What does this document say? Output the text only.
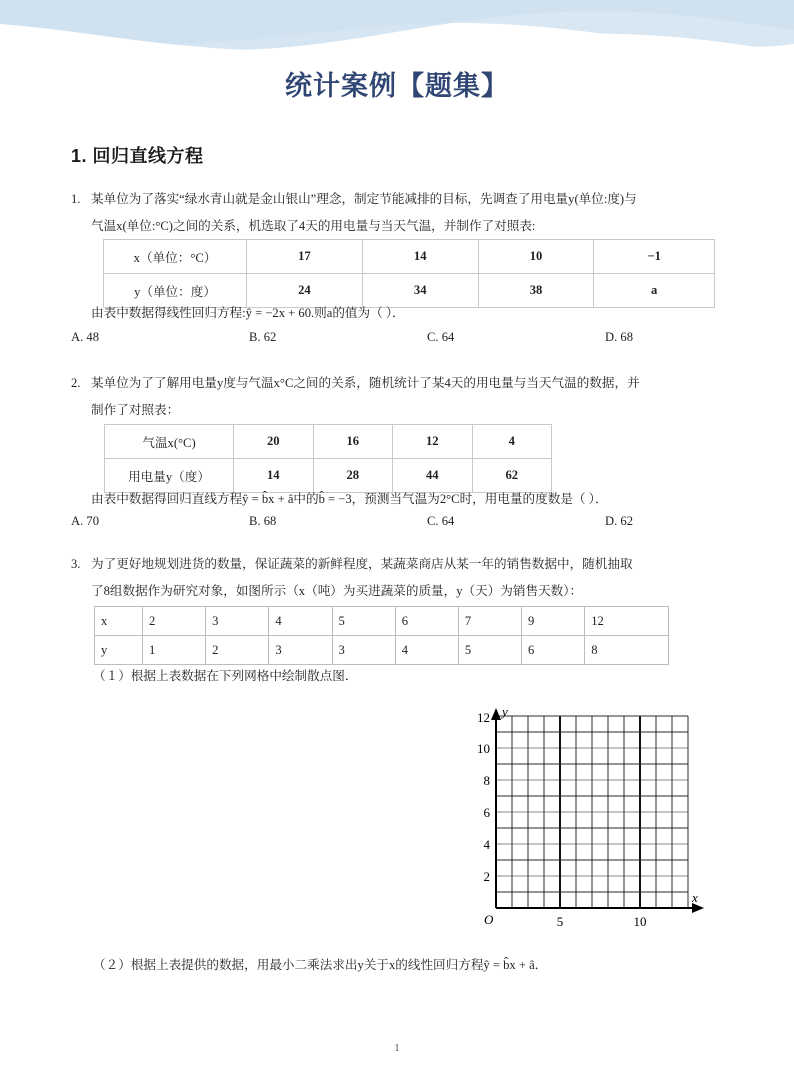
统计案例【题集】
1. 回归直线方程
1. 某单位为了落实“绿水青山就是金山银山”理念，制定节能减排的目标，先调查了用电量y(单位:度)与
气温x(单位:°C)之间的关系，机选取了4天的用电量与当天气温，并制作了对照表:
x（单位：°C）	17	14	10	−1
y（单位：度）	24	34	38	a
由表中数据得线性回归方程:ŷ = −2x + 60.则a的值为（ ）．
A. 48	B. 62	C. 64	D. 68
2. 某单位为了了解用电量y度与气温x°C之间的关系，随机统计了某4天的用电量与当天气温的数据，并
制作了对照表：
气温x(°C)	20	16	12	4
用电量y（度）	14	28	44	62
由表中数据得回归直线方程ŷ = b̂x + â中的b̂ = −3，预测当气温为2°C时，用电量的度数是（ ）．
A. 70	B. 68	C. 64	D. 62
3. 为了更好地规划进货的数量，保证蔬菜的新鲜程度，某蔬菜商店从某一年的销售数据中，随机抽取
了8组数据作为研究对象，如图所示（x（吨）为买进蔬菜的质量，y（天）为销售天数）：
x	2	3	4	5	6	7	9	12
y	1	2	3	3	4	5	6	8
（１）根据上表数据在下列网格中绘制散点图．
y
x
O	5	10
12
10
8
6
4
2
（２）根据上表提供的数据，用最小二乘法求出y关于x的线性回归方程ŷ = b̂x + â．
1
